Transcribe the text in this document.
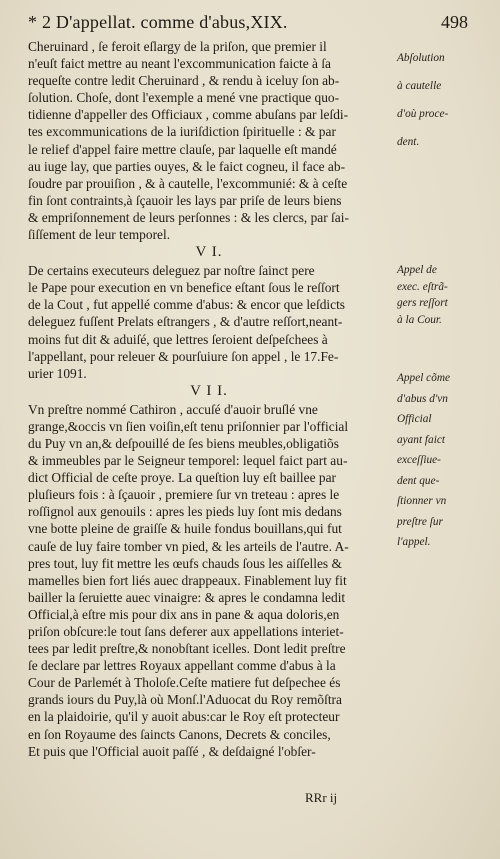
* 2 D'appellat. comme d'abus,XIX.	498
Cheruinard , ſe feroit eſlargy de la priſon, que premier il
n'euſt faict mettre au neant l'excommunication faicte à ſa
requeſte contre ledit Cheruinard , & rendu à iceluy ſon ab-
ſolution. Choſe, dont l'exemple a mené vne practique quo-
tidienne d'appeller des Officiaux , comme abuſans par leſdi-
tes excommunications de la iuriſdiction ſpirituelle : & par
le relief d'appel faire mettre clauſe, par laquelle eſt mandé
au iuge lay, que parties ouyes, & le faict cogneu, il face ab-
ſoudre par prouiſion , & à cautelle, l'excommunié: & à ceſte
fin ſont contraints,à ſçauoir les lays par priſe de leurs biens
& empriſonnement de leurs perſonnes : & les clercs, par ſai-
ſiſſement de leur temporel.
V I.
De certains executeurs deleguez par noſtre ſainct pere
le Pape pour execution en vn benefice eſtant ſous le reſſort
de la Cout , fut appellé comme d'abus: & encor que leſdicts
deleguez fuſſent Prelats eſtrangers , & d'autre reſſort,neant-
moins fut dit & aduiſé, que lettres ſeroient deſpeſchees à
l'appellant, pour releuer & pourſuiure ſon appel , le 17.Fe-
urier 1091.
V I I.
Vn preſtre nommé Cathiron , accuſé d'auoir bruſlé vne
grange,&occis vn ſien voiſin,eſt tenu priſonnier par l'official
du Puy vn an,& deſpouillé de ſes biens meubles,obligatiõs
& immeubles par le Seigneur temporel: lequel faict part au-
dict Official de ceſte proye. La queſtion luy eſt baillee par
pluſieurs fois : à ſçauoir , premiere ſur vn treteau : apres le
roſſignol aux genouils : apres les pieds luy ſont mis dedans
vne botte pleine de graiſſe & huile fondus bouillans,qui fut
cauſe de luy faire tomber vn pied, & les arteils de l'autre. A-
pres tout, luy fit mettre les œufs chauds ſous les aiſſelles &
mamelles bien fort liés auec drappeaux. Finablement luy fit
bailler la ſeruiette auec vinaigre: & apres le condamna ledit
Official,à eſtre mis pour dix ans in pane & aqua doloris,en
priſon obſcure:le tout ſans deferer aux appellations interiet-
tees par ledit preſtre,& nonobſtant icelles. Dont ledit preſtre
ſe declare par lettres Royaux appellant comme d'abus à la
Cour de Parlemét à Tholoſe.Ceſte matiere fut deſpechee és
grands iours du Puy,là où Monſ.l'Aduocat du Roy remõſtra
en la plaidoirie, qu'il y auoit abus:car le Roy eſt protecteur
en ſon Royaume des ſaincts Canons, Decrets & conciles,
Et puis que l'Official auoit paſſé , & deſdaigné l'obſer-
Abſolution
à cautelle
d'où proce-
dent.
Appel de
exec. eſtrã-
gers reſſort
à la Cour.
Appel cõme
d'abus d'vn
Official
ayant faict
exceſſiue-
dent que-
ſtionner vn
preſtre ſur
l'appel.
RRr ij
